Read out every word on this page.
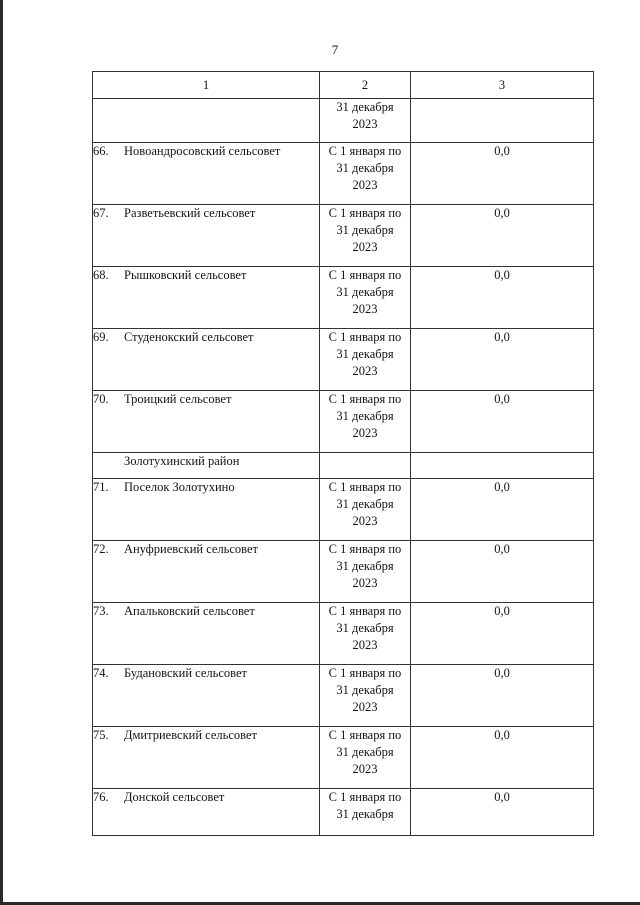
7
1	2	3

	31 декабря
2023	

66. Новоандросовский сельсовет	С 1 января по
31 декабря
2023	0,0
67. Разветьевский сельсовет	С 1 января по
31 декабря
2023	0,0
68. Рышковский сельсовет	С 1 января по
31 декабря
2023	0,0
69. Студенокский сельсовет	С 1 января по
31 декабря
2023	0,0
70. Троицкий сельсовет	С 1 января по
31 декабря
2023	0,0
Золотухинский район		
71. Поселок Золотухино	С 1 января по
31 декабря
2023	0,0
72. Ануфриевский сельсовет	С 1 января по
31 декабря
2023	0,0
73. Апальковский сельсовет	С 1 января по
31 декабря
2023	0,0
74. Будановский сельсовет	С 1 января по
31 декабря
2023	0,0
75. Дмитриевский сельсовет	С 1 января по
31 декабря
2023	0,0
76. Донской сельсовет	С 1 января по
31 декабря	0,0
